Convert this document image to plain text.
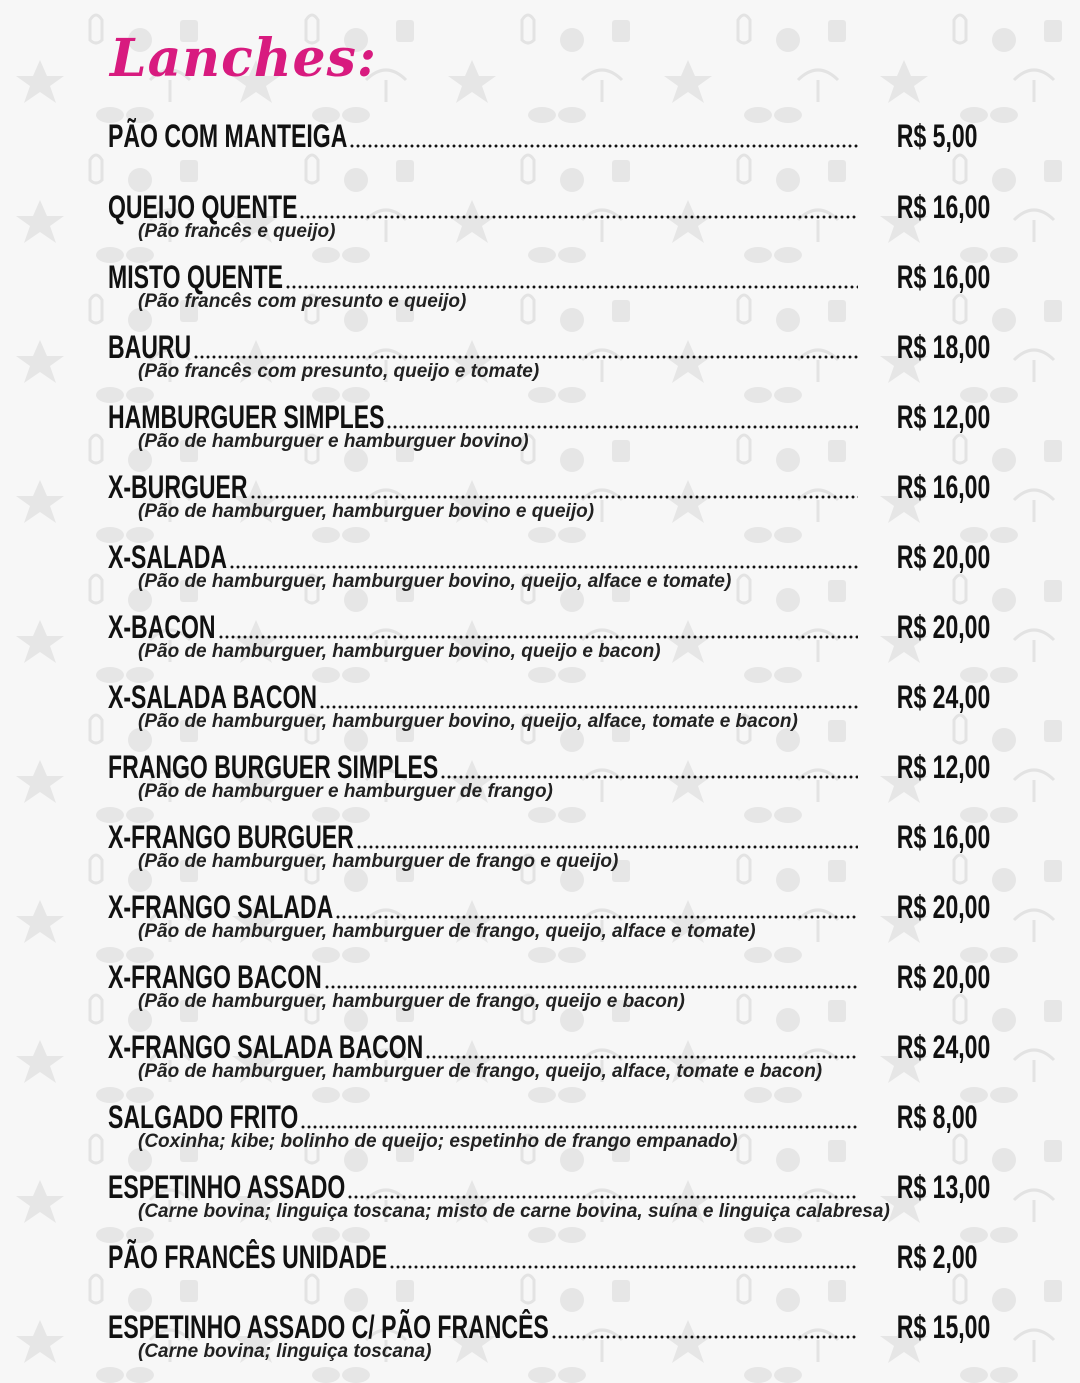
Lanches:
PÃO COM MANTEIGA	R$ 5,00
QUEIJO QUENTE	R$ 16,00
(Pão francês e queijo)
MISTO QUENTE	R$ 16,00
(Pão francês com presunto e queijo)
BAURU	R$ 18,00
(Pão francês com presunto, queijo e tomate)
HAMBURGUER SIMPLES	R$ 12,00
(Pão de hamburguer e hamburguer bovino)
X-BURGUER	R$ 16,00
(Pão de hamburguer, hamburguer bovino e queijo)
X-SALADA	R$ 20,00
(Pão de hamburguer, hamburguer bovino, queijo, alface e tomate)
X-BACON	R$ 20,00
(Pão de hamburguer, hamburguer bovino, queijo e bacon)
X-SALADA BACON	R$ 24,00
(Pão de hamburguer, hamburguer bovino, queijo, alface, tomate e bacon)
FRANGO BURGUER SIMPLES	R$ 12,00
(Pão de hamburguer e hamburguer de frango)
X-FRANGO BURGUER	R$ 16,00
(Pão de hamburguer, hamburguer de frango e queijo)
X-FRANGO SALADA	R$ 20,00
(Pão de hamburguer, hamburguer de frango, queijo, alface e tomate)
X-FRANGO BACON	R$ 20,00
(Pão de hamburguer, hamburguer de frango, queijo e bacon)
X-FRANGO SALADA BACON	R$ 24,00
(Pão de hamburguer, hamburguer de frango, queijo, alface, tomate e bacon)
SALGADO FRITO	R$ 8,00
(Coxinha; kibe; bolinho de queijo; espetinho de frango empanado)
ESPETINHO ASSADO	R$ 13,00
(Carne bovina; linguiça toscana; misto de carne bovina, suína e linguiça calabresa)
PÃO FRANCÊS UNIDADE	R$ 2,00
ESPETINHO ASSADO C/ PÃO FRANCÊS	R$ 15,00
(Carne bovina; linguiça toscana)
